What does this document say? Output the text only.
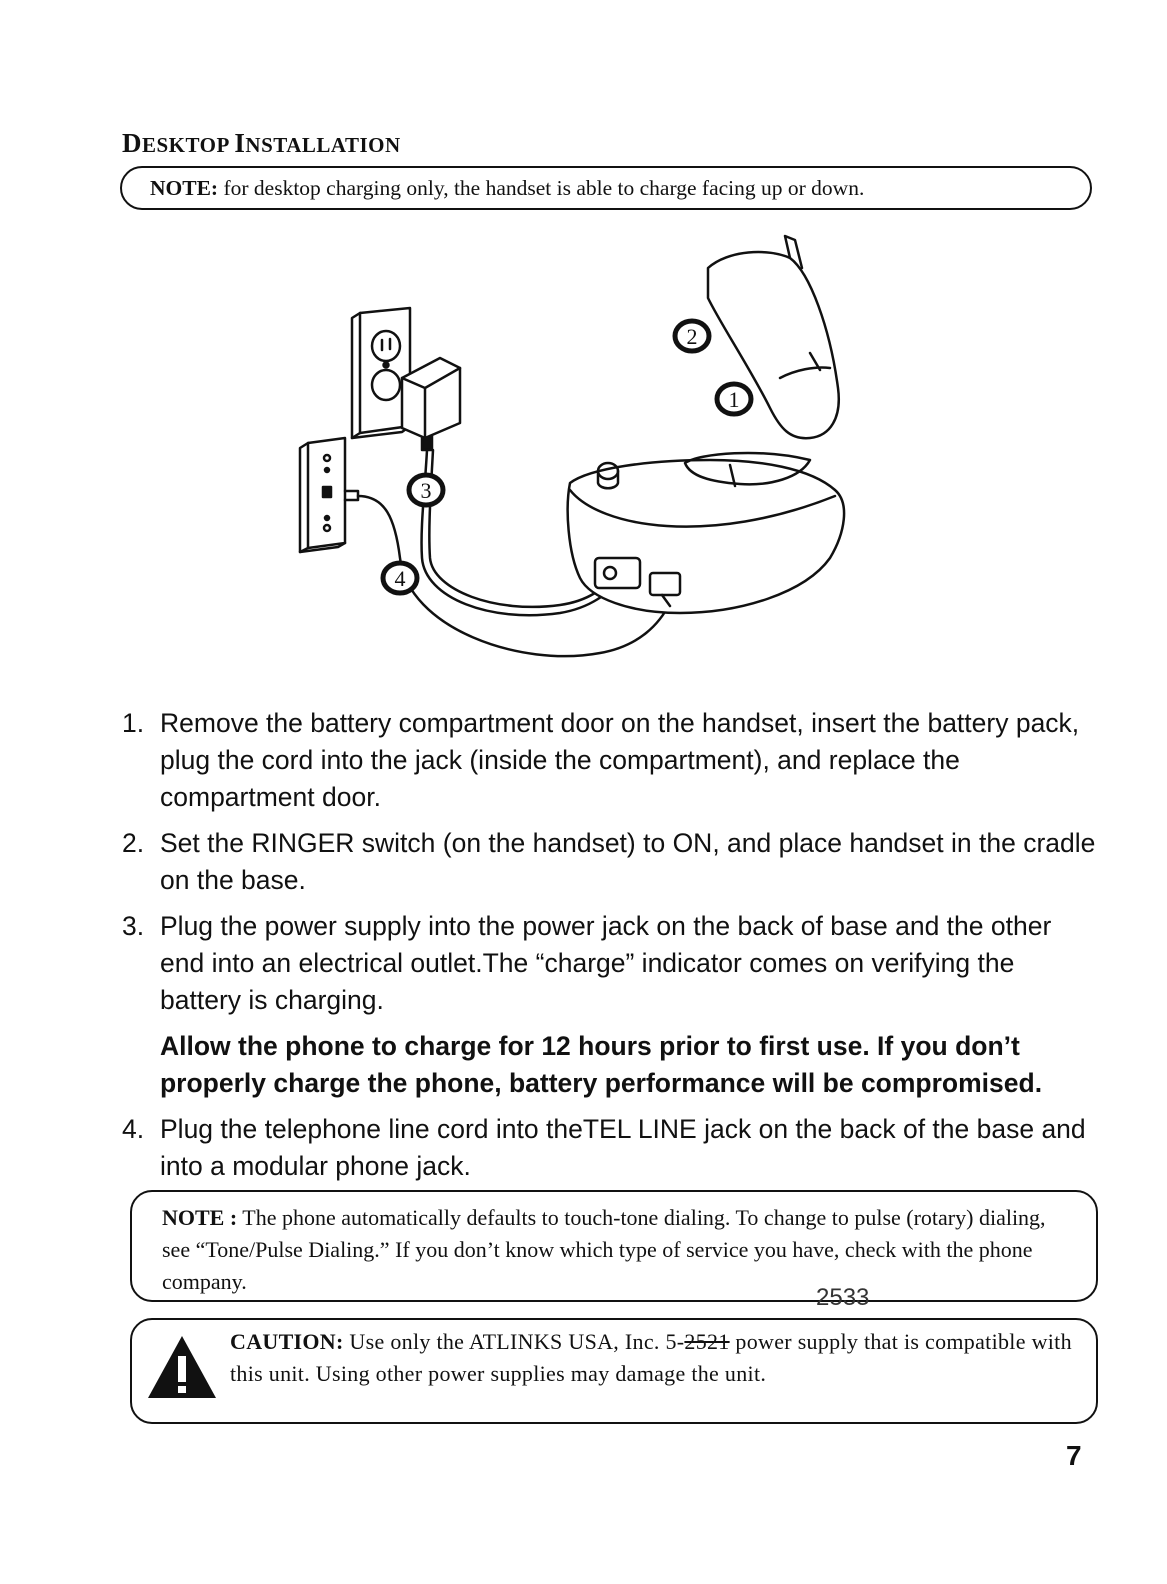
DESKTOP INSTALLATION
NOTE: for desktop charging only, the handset is able to charge facing up or down.
2
1
3
4
1. Remove the battery compartment door on the handset, insert the battery pack, plug the cord into the jack (inside the compartment), and replace the compartment door.
2. Set the RINGER switch (on the handset) to ON, and place handset in the cradle on the base.
3. Plug the power supply into the power jack on the back of base and the other end into an electrical outlet.The “charge” indicator comes on verifying the battery is charging.
Allow the phone to charge for 12 hours prior to first use. If you don’t properly charge the phone, battery performance will be compromised.
4. Plug the telephone line cord into theTEL LINE jack on the back of the base and into a modular phone jack.
NOTE : The phone automatically defaults to touch-tone dialing. To change to pulse (rotary) dialing, see “Tone/Pulse Dialing.” If you don’t know which type of service you have, check with the phone company.
2533
CAUTION: Use only the ATLINKS USA, Inc. 5-2521 power supply that is compatible with this unit. Using other power supplies may damage the unit.
7
